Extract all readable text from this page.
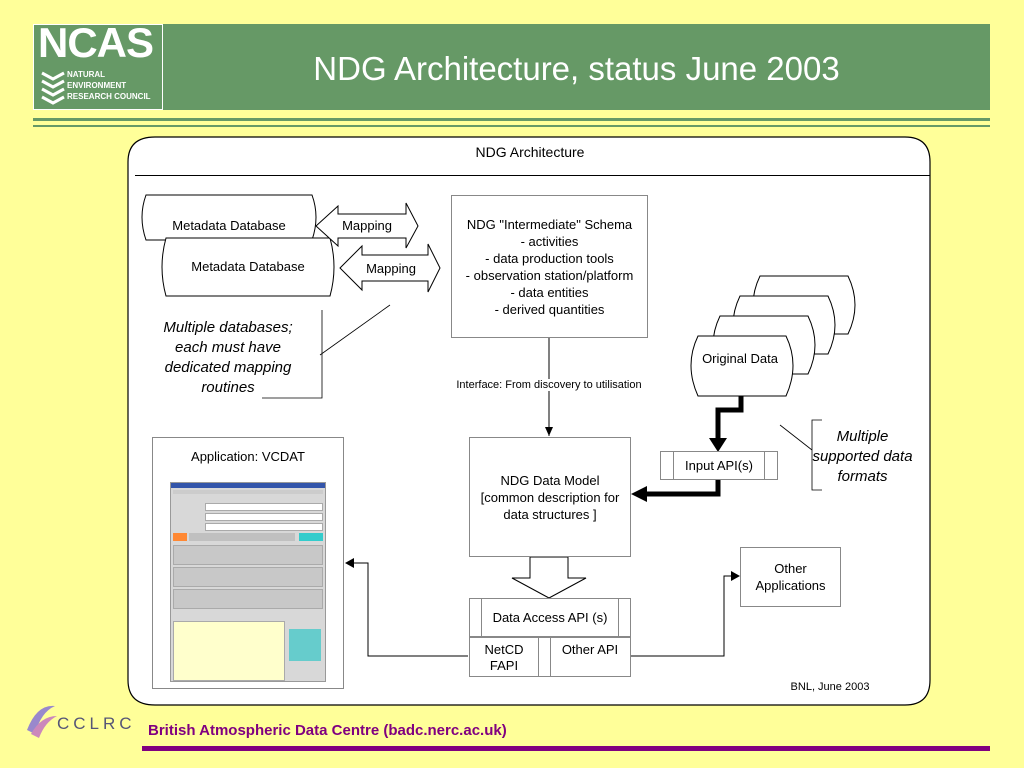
NCAS
NATURAL
ENVIRONMENT
RESEARCH COUNCIL
NDG Architecture, status June 2003
NDG Architecture
Metadata Database
Metadata Database
Mapping
Mapping
Multiple databases; each must have dedicated mapping routines
NDG "Intermediate" Schema
- activities
- data production tools
- observation station/platform
- data entities
- derived quantities
Interface: From discovery to utilisation
Original Data
Input API(s)
Multiple supported data formats
Application: VCDAT
NDG Data Model [common description for data structures ]
Other Applications
Data Access API (s)
NetCD FAPI
Other API
BNL, June 2003
CCLRC British Atmospheric Data Centre (badc.nerc.ac.uk)
